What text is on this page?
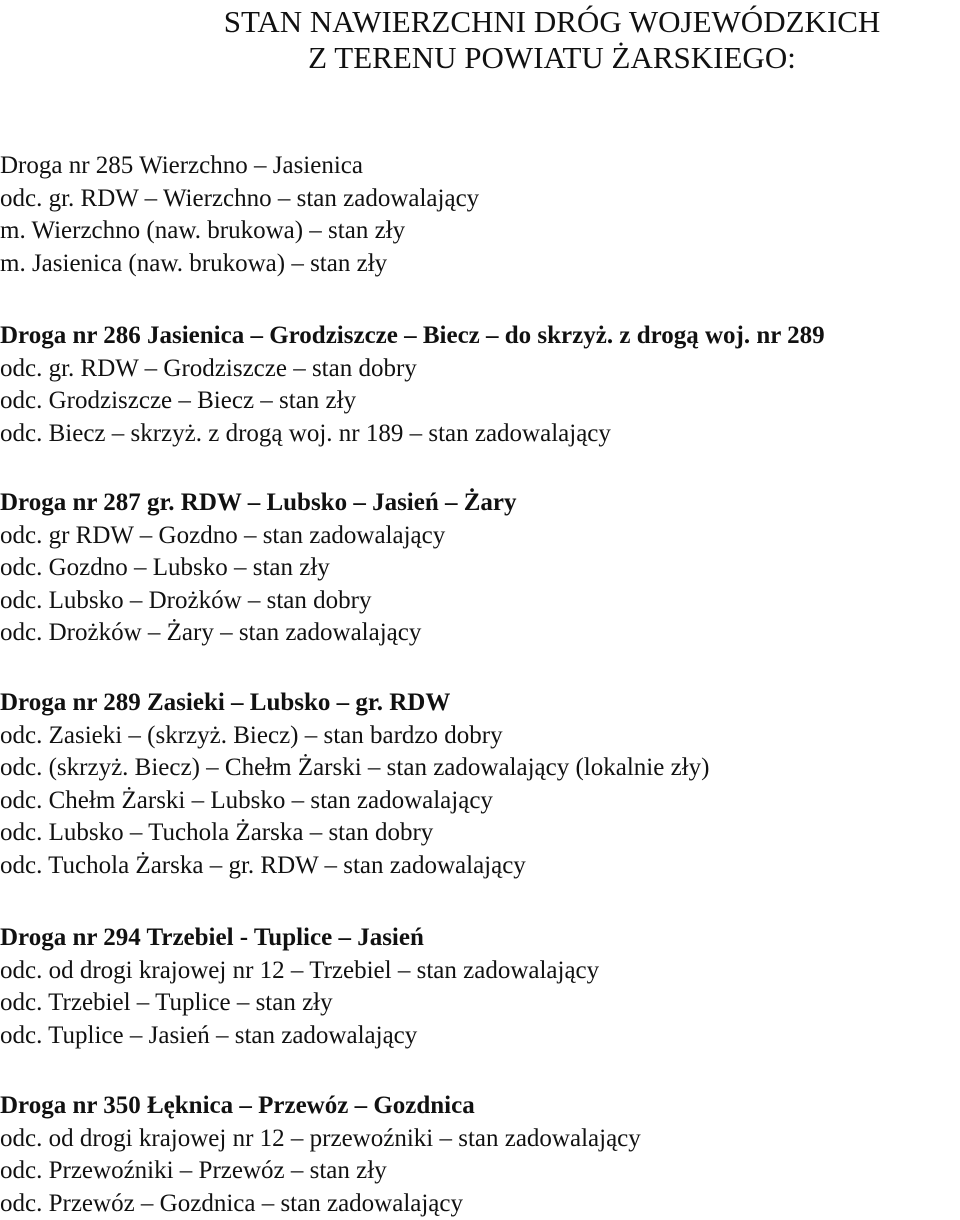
STAN NAWIERZCHNI DRÓG WOJEWÓDZKICH
Z TERENU POWIATU ŻARSKIEGO:

Droga nr 285 Wierzchno – Jasienica

odc. gr. RDW – Wierzchno – stan zadowalający

m. Wierzchno (naw. brukowa) – stan zły

m. Jasienica (naw. brukowa) – stan zły

Droga nr 286 Jasienica – Grodziszcze – Biecz – do skrzyż. z drogą woj. nr 289

odc. gr. RDW – Grodziszcze – stan dobry

odc. Grodziszcze – Biecz – stan zły

odc. Biecz – skrzyż. z drogą woj. nr 189 – stan zadowalający

Droga nr 287 gr. RDW – Lubsko – Jasień – Żary

odc. gr RDW – Gozdno – stan zadowalający

odc. Gozdno – Lubsko – stan zły

odc. Lubsko – Drożków – stan dobry

odc. Drożków – Żary – stan zadowalający

Droga nr 289 Zasieki – Lubsko – gr. RDW

odc. Zasieki – (skrzyż. Biecz) – stan bardzo dobry

odc. (skrzyż. Biecz) – Chełm Żarski – stan zadowalający (lokalnie zły)

odc. Chełm Żarski – Lubsko – stan zadowalający

odc. Lubsko – Tuchola Żarska – stan dobry

odc. Tuchola Żarska – gr. RDW – stan zadowalający

Droga nr 294 Trzebiel - Tuplice – Jasień

odc. od drogi krajowej nr 12 – Trzebiel – stan zadowalający

odc. Trzebiel – Tuplice – stan zły

odc. Tuplice – Jasień – stan zadowalający

Droga nr 350 Łęknica – Przewóz – Gozdnica

odc. od drogi krajowej nr 12 – przewoźniki – stan zadowalający

odc. Przewoźniki – Przewóz – stan zły

odc. Przewóz – Gozdnica – stan zadowalający
